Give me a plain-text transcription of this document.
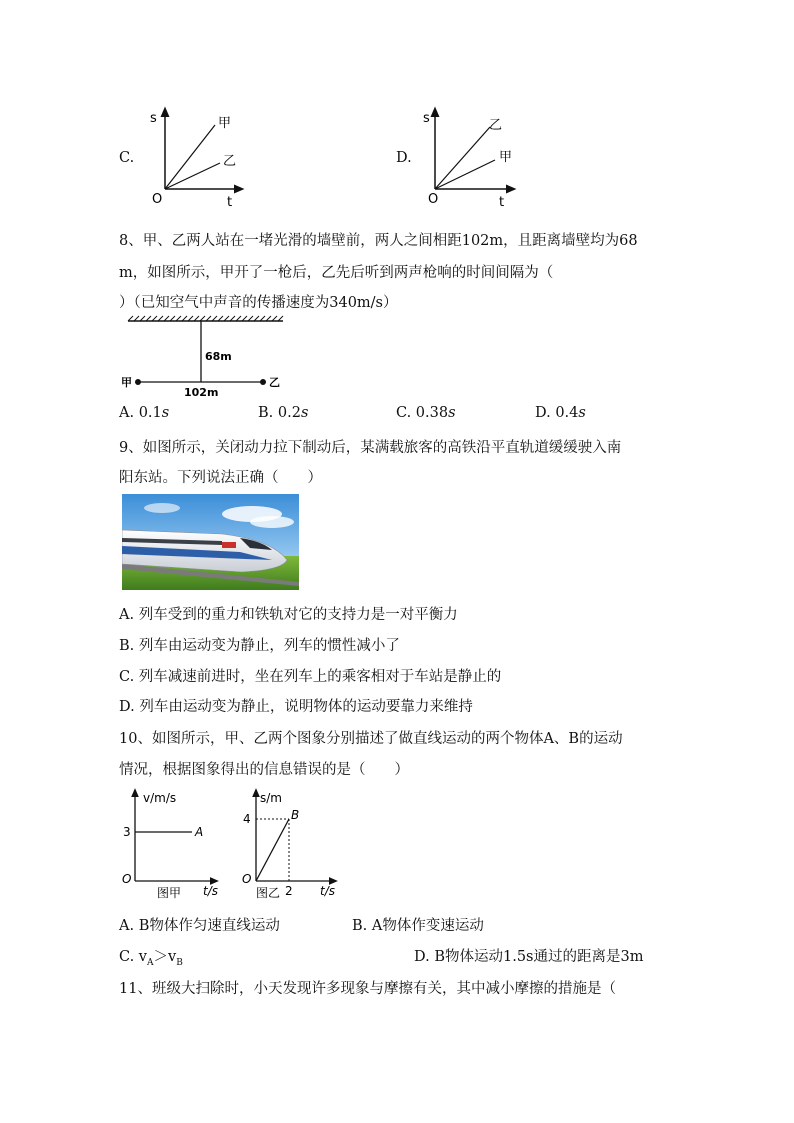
C.
s
t
O
甲
乙	D.
s
t
O
乙
甲
8、甲、乙两人站在一堵光滑的墙壁前，两人之间相距102m，且距离墙壁均为68
m，如图所示，甲开了一枪后，乙先后听到两声枪响的时间间隔为（
）（已知空气中声音的传播速度为340m/s）
68m
102m
甲	乙
A. 0.1s	B. 0.2s	C. 0.38s	D. 0.4s
9、如图所示，关闭动力拉下制动后，某满载旅客的高铁沿平直轨道缓缓驶入南
阳东站。下列说法正确（　　）
A. 列车受到的重力和铁轨对它的支持力是一对平衡力
B. 列车由运动变为静止，列车的惯性减小了
C. 列车减速前进时，坐在列车上的乘客相对于车站是静止的
D. 列车由运动变为静止，说明物体的运动要靠力来维持
10、如图所示，甲、乙两个图象分别描述了做直线运动的两个物体A、B的运动
情况，根据图象得出的信息错误的是（　　）
v/m/s
3	A
O
图甲 t/s
s/m
4	B
O
图乙 2 t/s
A. B物体作匀速直线运动	B. A物体作变速运动
C. $v_A>v_B$	D. B物体运动1.5s通过的距离是3m
11、班级大扫除时，小天发现许多现象与摩擦有关，其中减小摩擦的措施是（
